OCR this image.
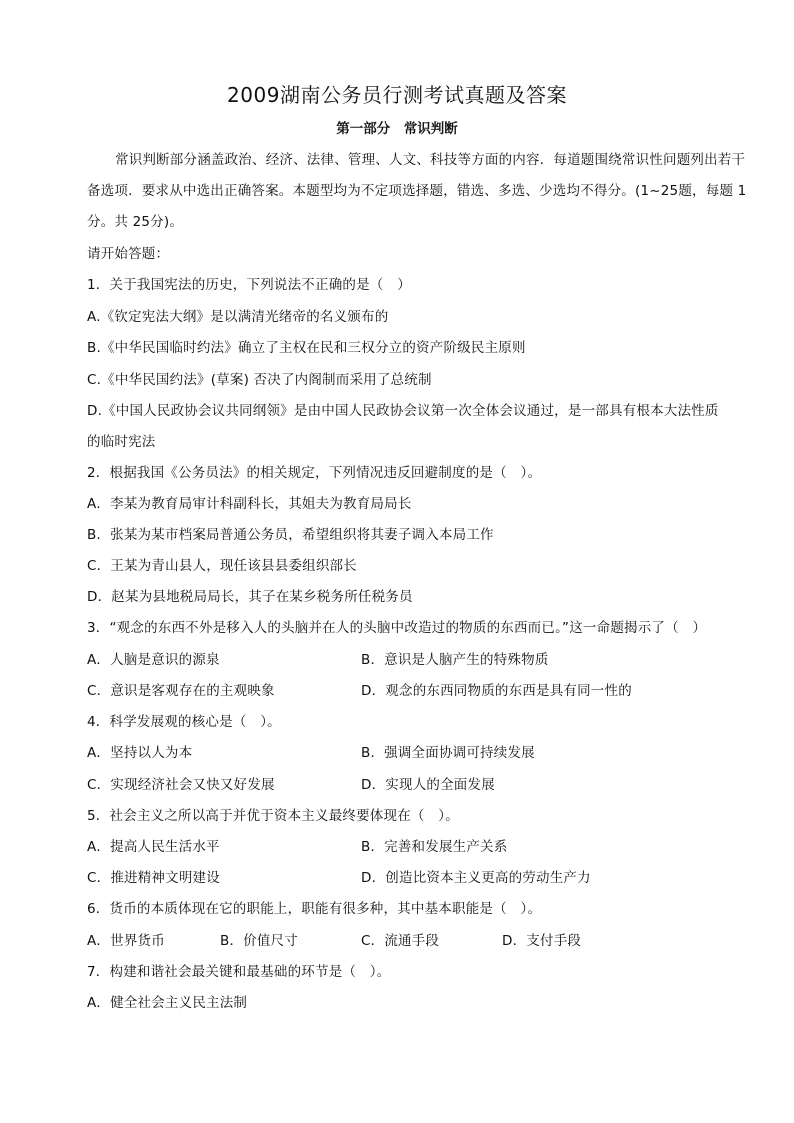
2009湖南公务员行测考试真题及答案
第一部分　常识判断
常识判断部分涵盖政治、经济、法律、管理、人文、科技等方面的内容．每道题围绕常识性问题列出若干
备选项．要求从中选出正确答案。本题型均为不定项选择题，错选、多选、少选均不得分。(1~25题，每题 1
分。共 25分)。
请开始答题：
1．关于我国宪法的历史，下列说法不正确的是（　）
A.《钦定宪法大纲》是以满清光绪帝的名义颁布的
B.《中华民国临时约法》确立了主权在民和三权分立的资产阶级民主原则
C.《中华民国约法》(草案) 否决了内阁制而采用了总统制
D.《中国人民政协会议共同纲领》是由中国人民政协会议第一次全体会议通过，是一部具有根本大法性质
的临时宪法
2．根据我国《公务员法》的相关规定，下列情况违反回避制度的是（　）。
A．李某为教育局审计科副科长，其姐夫为教育局局长
B．张某为某市档案局普通公务员，希望组织将其妻子调入本局工作
C．王某为青山县人，现任该县县委组织部长
D．赵某为县地税局局长，其子在某乡税务所任税务员
3．“观念的东西不外是移入人的头脑并在人的头脑中改造过的物质的东西而已。”这一命题揭示了（　）
A．人脑是意识的源泉	B．意识是人脑产生的特殊物质
C．意识是客观存在的主观映象	D．观念的东西同物质的东西是具有同一性的
4．科学发展观的核心是（　）。
A．坚持以人为本	B．强调全面协调可持续发展
C．实现经济社会又快又好发展	D．实现人的全面发展
5．社会主义之所以高于并优于资本主义最终要体现在（　）。
A．提高人民生活水平	B．完善和发展生产关系
C．推进精神文明建设	D．创造比资本主义更高的劳动生产力
6．货币的本质体现在它的职能上，职能有很多种，其中基本职能是（　）。
A．世界货币	B．价值尺寸	C．流通手段	D．支付手段
7．构建和谐社会最关键和最基础的环节是（　）。
A．健全社会主义民主法制
